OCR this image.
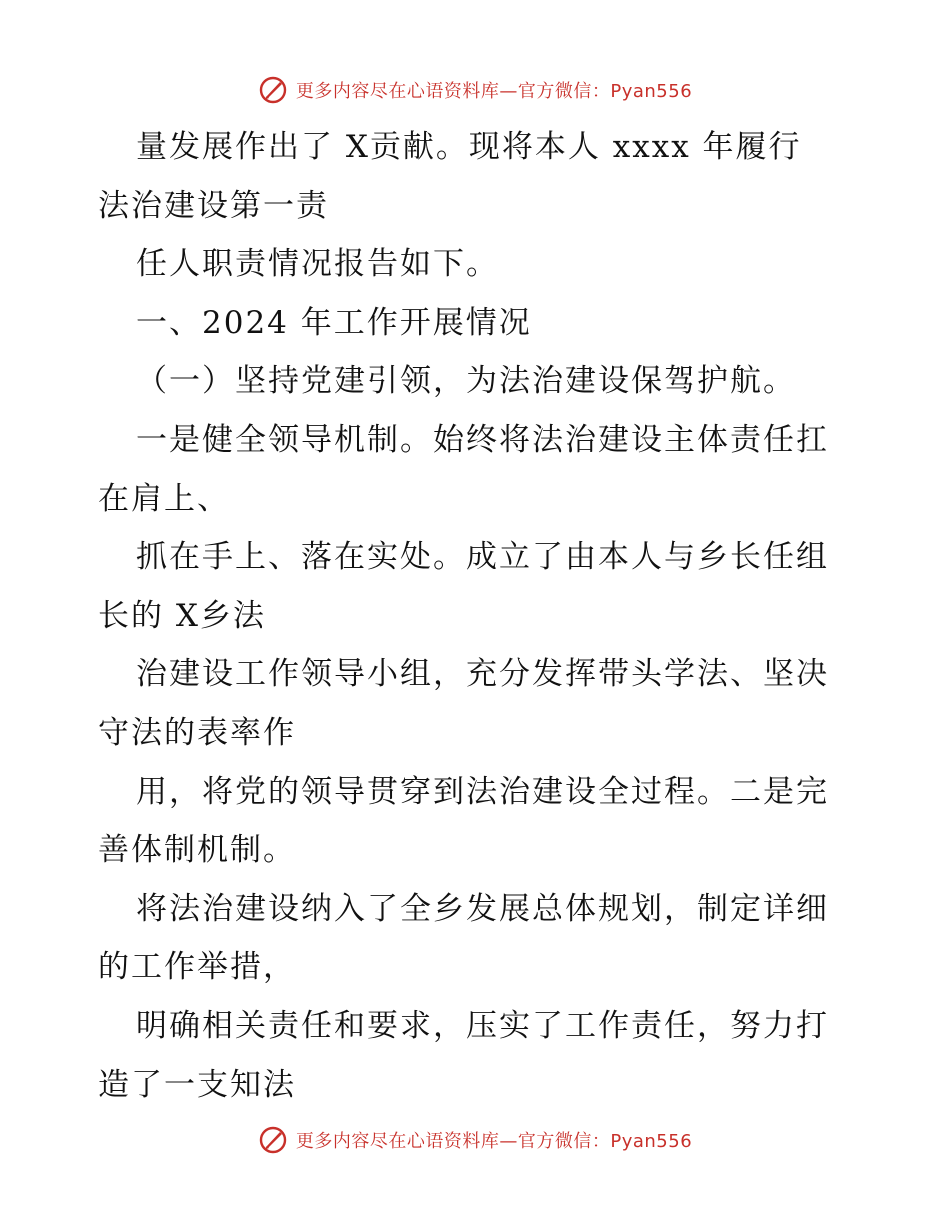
更多内容尽在心语资料库—官方微信：Pyan556
量发展作出了 X贡献。现将本人 xxxx 年履行
法治建设第一责
任人职责情况报告如下。
一、2024 年工作开展情况
（一）坚持党建引领，为法治建设保驾护航。
一是健全领导机制。始终将法治建设主体责任扛
在肩上、
抓在手上、落在实处。成立了由本人与乡长任组
长的 X乡法
治建设工作领导小组，充分发挥带头学法、坚决
守法的表率作
用，将党的领导贯穿到法治建设全过程。二是完
善体制机制。
将法治建设纳入了全乡发展总体规划，制定详细
的工作举措，
明确相关责任和要求，压实了工作责任，努力打
造了一支知法
更多内容尽在心语资料库—官方微信：Pyan556
